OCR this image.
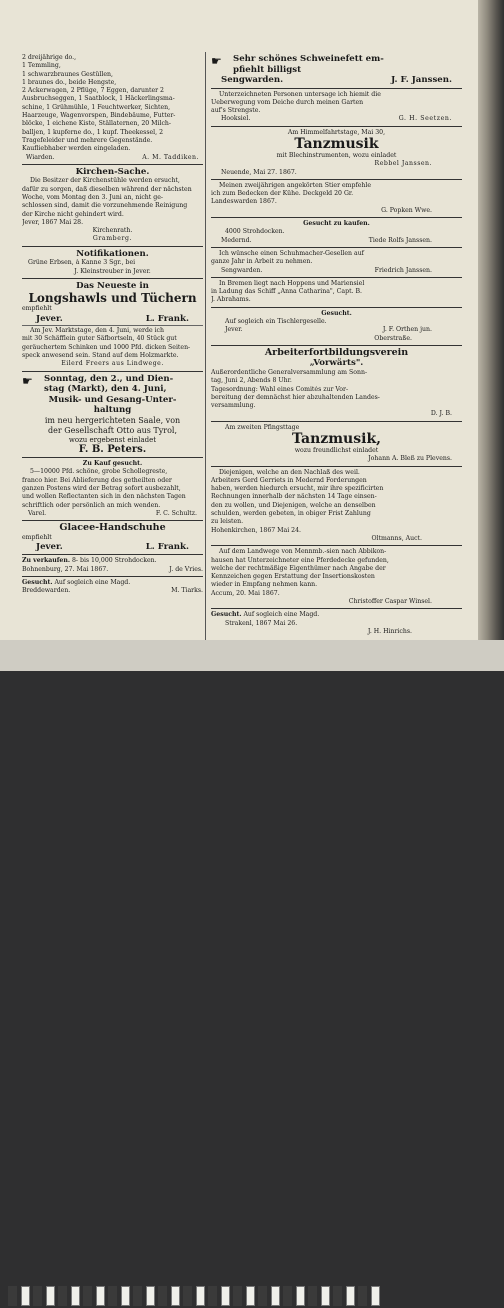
2 dreijährige do.,
1 Temmling,
1 schwarzbraunes Gestüllen,
1 braunes do., beide Hengste,
2 Ackerwagen, 2 Pflüge, 7 Eggen, darunter 2
Ausbruchseggen, 1 Saatblock, 1 Häckerlingsma-
schine, 1 Grühmühle, 1 Feuchtwerker, Sichten,
Haarzeuge, Wagenvorspen, Bindebäume, Futter-
blöcke, 1 eichene Kiste, Ställaternen, 20 Milch-
balljen, 1 kupferne do., 1 kupf. Theekessel, 2
Tragefeleider und mehrere Gegenstände.
Kaufliebhaber werden eingeladen.
Wiarden.	A. M. Taddiken.
Kirchen-Sache.
Die Besitzer der Kirchenstühle werden ersucht,
dafür zu sorgen, daß dieselben während der nächsten
Woche, vom Montag den 3. Juni an, nicht ge-
schlossen sind, damit die vorzunehmende Reinigung
der Kirche nicht gehindert wird.
Jever, 1867 Mai 28.
Kirchenrath.
Gramberg.
Notifikationen.
Grüne Erbsen, à Kanne 3 Sgr., bei
J. Kleinstreuber in Jever.
Das Neueste in
Longshawls und Tüchern
empfiehlt
Jever.	L. Frank.
Am Jev. Marktstage, den 4. Juni, werde ich
mit 30 Schäfflein guter Säfbortseln, 40 Stück gut
geräuchertem Schinken und 1000 Pfd. dicken Seiten-
speck anwesend sein. Stand auf dem Holzmarkte.
Eilerd Freers aus Lindwege.
☛	Sonntag, den 2., und Dien-
stag (Markt), den 4. Juni,
Musik- und Gesang-Unter-
haltung
im neu hergerichteten Saale, von
der Gesellschaft Otto aus Tyrol,
wozu ergebenst einladet
F. B. Peters.
Zu Kauf gesucht.
5—10000 Pfd. schöne, grobe Schollegreste,
franco hier. Bei Ablieferung des getheilten oder
ganzen Postens wird der Betrag sofort ausbezahlt,
und wollen Reflectanten sich in den nächsten Tagen
schriftlich oder persönlich an mich wenden.
Varel.	F. C. Schultz.
Glacee-Handschuhe
empfiehlt
Jever.	L. Frank.
Zu verkaufen. 8- bis 10,000 Strohdocken.
Bohnenburg, 27. Mai 1867.	J. de Vries.
Gesucht. Auf sogleich eine Magd.
Breddewarden.	M. Tiarks.
☛	Sehr schönes Schweinefett em-
pfiehlt billigst
Sengwarden.	J. F. Janssen.
Unterzeichneten Personen untersage ich hiemit die
Ueberwegung vom Deiche durch meinen Garten
auf's Strengste.
Hooksiel.	G. H. Seetzen.
Am Himmelfahrtstage, Mai 30,
Tanzmusik
mit Blechinstrumenten, wozu einladet
Rebbel Janssen.
Neuende, Mai 27. 1867.
Meinen zweijährigen angekörten Stier empfehle
ich zum Bedecken der Kühe. Deckgeld 20 Gr.
Landeswarden 1867.
G. Popken Wwe.
Gesucht zu kaufen.
4000 Strohdocken.
Medernd.	Tiede Rolfs Janssen.
Ich wünsche einen Schuhmacher-Gesellen auf
ganze Jahr in Arbeit zu nehmen.
Sengwarden.	Friedrich Janssen.
In Bremen liegt nach Hoppens und Mariensiel
in Ladung das Schiff „Anna Catharina", Capt. B.
J. Abrahams.
Gesucht.
Auf sogleich ein Tischlergeselle.
Jever.	J. F. Orthen jun.
Oberstraße.
Arbeiterfortbildungsverein
„Vorwärts".
Außerordentliche Generalversammlung am Sonn-
tag, Juni 2, Abends 8 Uhr.
Tagesordnung: Wahl eines Comités zur Vor-
bereitung der demnächst hier abzuhaltenden Landes-
versammlung.
D. J. B.
Am zweiten Pfingsttage
Tanzmusik,
wozu freundlichst einladet
Johann A. Bleß zu Plevens.
Diejenigen, welche an den Nachlaß des weil.
Arbeiters Gerd Gerriets in Medernd Forderungen
haben, werden hiedurch ersucht, mir ihre spezificirten
Rechnungen innerhalb der nächsten 14 Tage einsen-
den zu wollen, und Diejenigen, welche an denselben
schulden, werden gebeten, in obiger Frist Zahlung
zu leisten.
Hohenkirchen, 1867 Mai 24.
Oltmanns, Auct.
Auf dem Landwege von Mennmb.-sien nach Abbikon-
hausen hat Unterzeichneter eine Pferdedecke gefunden,
welche der rechtmäßige Eigenthümer nach Angabe der
Kennzeichen gegen Erstattung der Insertionskosten
wieder in Empfang nehmen kann.
Accum, 20. Mai 1867.
Christoffer Caspar Winsel.
Gesucht. Auf sogleich eine Magd.
Strakenl, 1867 Mai 26.
J. H. Hinrichs.
